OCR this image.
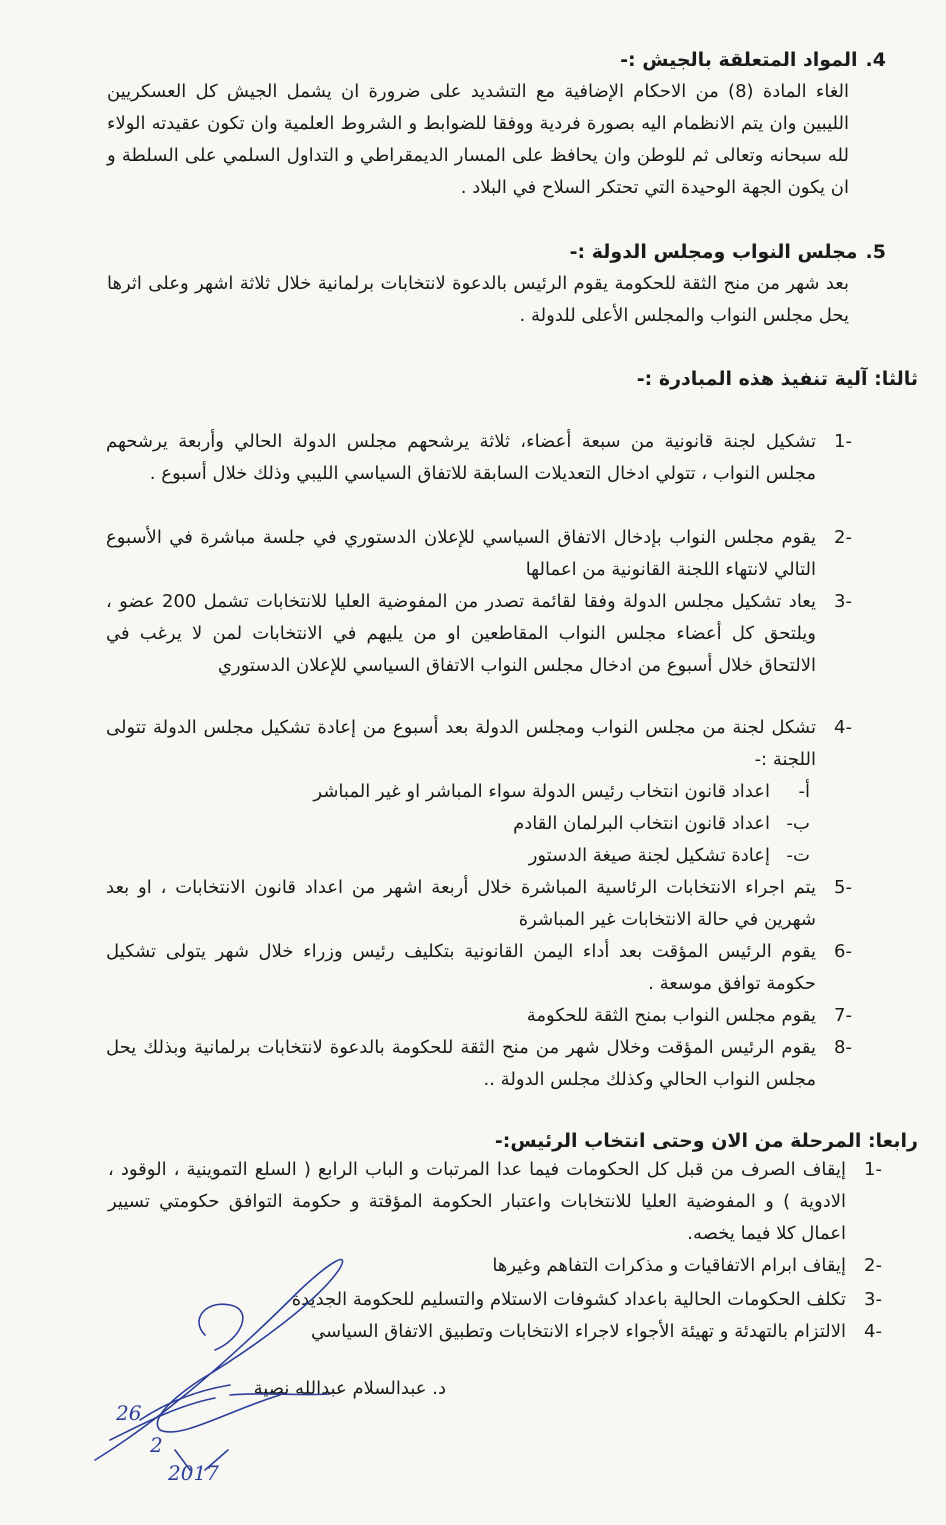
4.المواد المتعلقة بالجيش :-
الغاء المادة (8) من الاحكام الإضافية مع التشديد على ضرورة ان يشمل الجيش كل العسكريين الليبين وان يتم الانظمام اليه بصورة فردية ووفقا للضوابط و الشروط العلمية وان تكون عقيدته الولاء لله سبحانه وتعالى ثم للوطن وان يحافظ على المسار الديمقراطي و التداول السلمي على السلطة و ان يكون الجهة الوحيدة التي تحتكر السلاح في البلاد .
5.مجلس النواب ومجلس الدولة :-
بعد شهر من منح الثقة للحكومة يقوم الرئيس بالدعوة لانتخابات برلمانية خلال ثلاثة اشهر وعلى اثرها يحل مجلس النواب والمجلس الأعلى للدولة .
ثالثا: آلية تنفيذ هذه المبادرة :-
-1
تشكيل لجنة قانونية من سبعة أعضاء، ثلاثة يرشحهم مجلس الدولة الحالي وأربعة يرشحهم مجلس النواب ، تتولي ادخال التعديلات السابقة للاتفاق السياسي الليبي وذلك خلال أسبوع .
-2
يقوم مجلس النواب بإدخال الاتفاق السياسي للإعلان الدستوري في جلسة مباشرة في الأسبوع التالي لانتهاء اللجنة القانونية من اعمالها
-3
يعاد تشكيل مجلس الدولة وفقا لقائمة تصدر من المفوضية العليا للانتخابات تشمل 200 عضو ، ويلتحق كل أعضاء مجلس النواب المقاطعين او من يليهم في الانتخابات لمن لا يرغب في الالتحاق خلال أسبوع من ادخال مجلس النواب الاتفاق السياسي للإعلان الدستوري
-4
تشكل لجنة من مجلس النواب ومجلس الدولة بعد أسبوع من إعادة تشكيل مجلس الدولة تتولى اللجنة :-
أ-اعداد قانون انتخاب رئيس الدولة سواء المباشر او غير المباشر
ب-اعداد قانون انتخاب البرلمان القادم
ت-إعادة تشكيل لجنة صيغة الدستور
-5
يتم اجراء الانتخابات الرئاسية المباشرة خلال أربعة اشهر من اعداد قانون الانتخابات ، او بعد شهرين في حالة الانتخابات غير المباشرة
-6
يقوم الرئيس المؤقت بعد أداء اليمن القانونية بتكليف رئيس وزراء خلال شهر يتولى تشكيل حكومة توافق موسعة .
-7
يقوم مجلس النواب بمنح الثقة للحكومة
-8
يقوم الرئيس المؤقت وخلال شهر من منح الثقة للحكومة بالدعوة لانتخابات برلمانية وبذلك يحل مجلس النواب الحالي وكذلك مجلس الدولة ..
رابعا: المرحلة من الان وحتى انتخاب الرئيس:-
-1
إيقاف الصرف من قبل كل الحكومات فيما عدا المرتبات و الباب الرابع ( السلع التموينية ، الوقود ، الادوية ) و المفوضية العليا للانتخابات واعتبار الحكومة المؤقتة و حكومة التوافق حكومتي تسيير اعمال كلا فيما يخصه.
-2
إيقاف ابرام الاتفاقيات و مذكرات التفاهم وغيرها
-3
تكلف الحكومات الحالية باعداد كشوفات الاستلام والتسليم للحكومة الجديدة
-4
الالتزام بالتهدئة و تهيئة الأجواء لاجراء الانتخابات وتطبيق الاتفاق السياسي
د. عبدالسلام عبدالله نصية
26
2
2017
